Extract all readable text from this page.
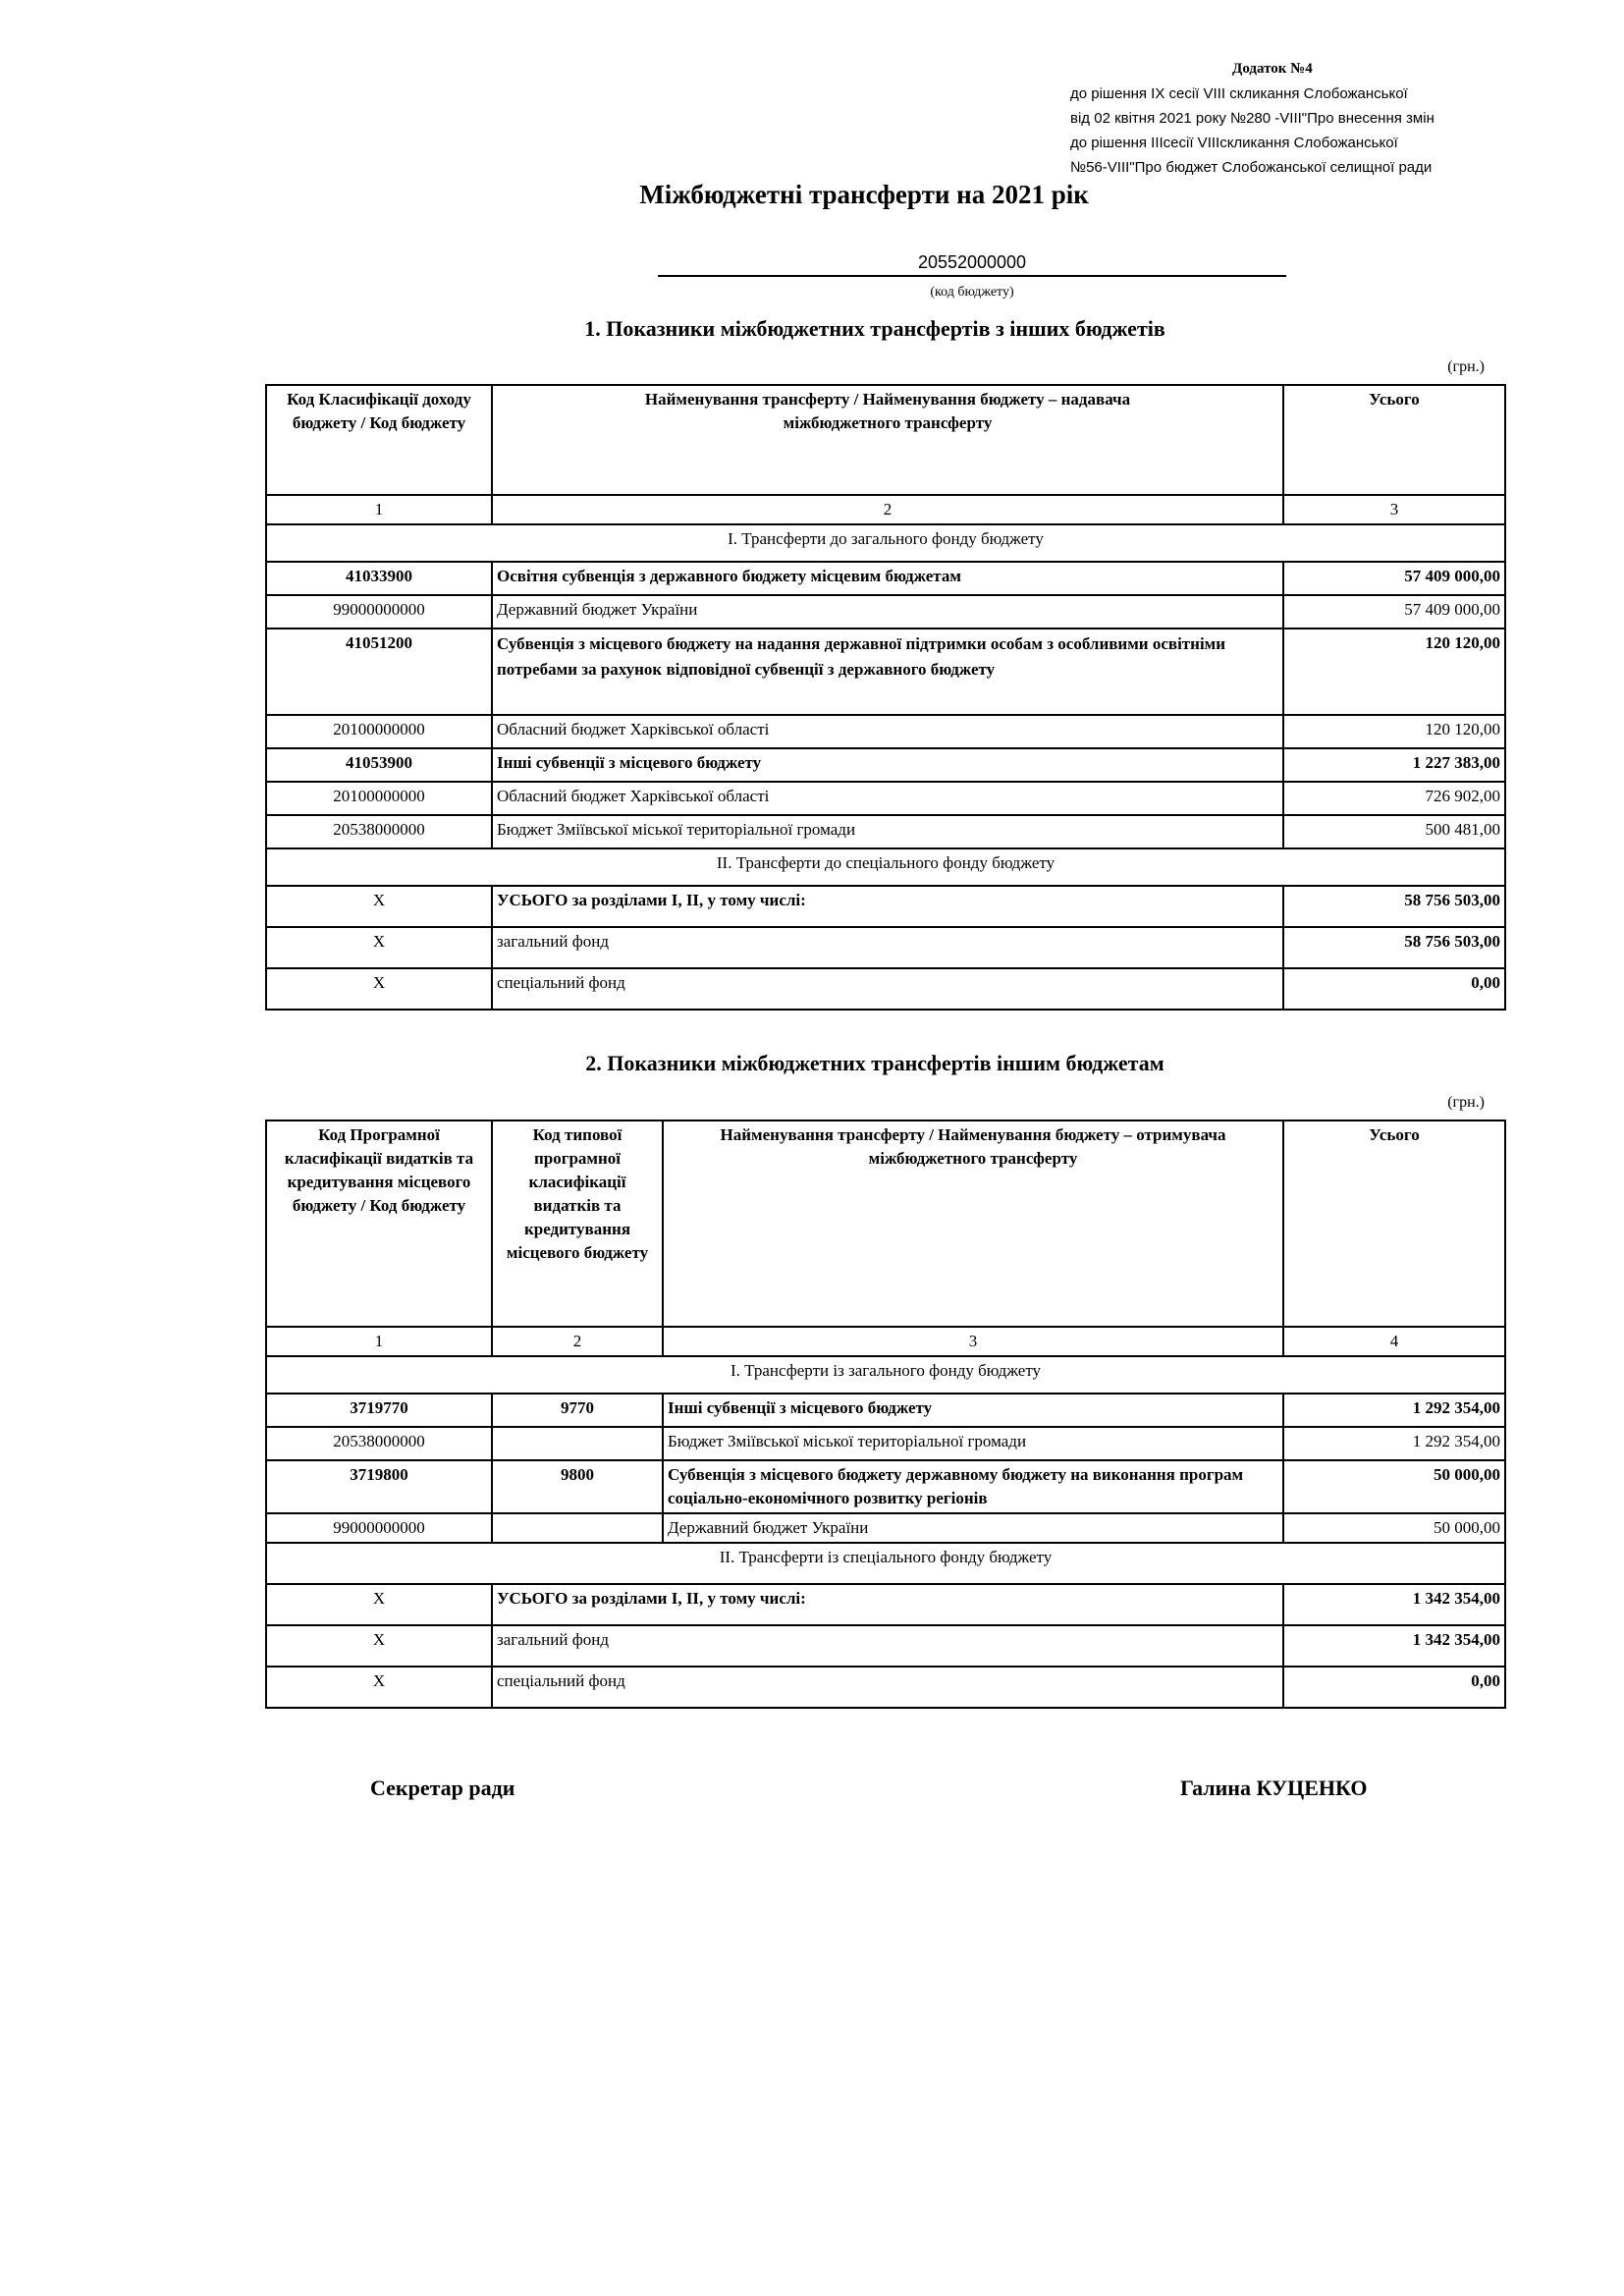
Додаток №4
до рішення IX сесії VIII скликання Слобожанської
від 02 квітня 2021 року №280 -VIII"Про внесення змін
до рішення IIIсесії VIIIскликання Слобожанської
№56-VIII"Про бюджет Слобожанської селищної ради
Міжбюджетні трансферти на 2021 рік
20552000000
(код бюджету)
1. Показники міжбюджетних трансфертів з інших бюджетів
(грн.)
Код Класифікації доходу бюджету / Код бюджету	Найменування трансферту / Найменування бюджету – надавача міжбюджетного трансферту	Усього
1	2	3
І. Трансферти до загального фонду бюджету		
41033900	Освітня субвенція з державного бюджету місцевим бюджетам	57 409 000,00
99000000000	Державний бюджет України	57 409 000,00
41051200	Субвенція з місцевого бюджету на надання державної підтримки особам з особливими освітніми потребами за рахунок відповідної субвенції з державного бюджету	120 120,00
20100000000	Обласний бюджет Харківської області	120 120,00
41053900	Інші субвенції з місцевого бюджету	1 227 383,00
20100000000	Обласний бюджет Харківської області	726 902,00
20538000000	Бюджет Зміївської міської територіальної громади	500 481,00
ІІ. Трансферти до спеціального фонду бюджету		
Х	УСЬОГО за розділами І, ІІ, у тому числі:	58 756 503,00
Х	загальний фонд	58 756 503,00
Х	спеціальний фонд	0,00
2. Показники міжбюджетних трансфертів іншим бюджетам
(грн.)
Код Програмної класифікації видатків та кредитування місцевого бюджету / Код бюджету	Код типової програмної класифікації видатків та кредитування місцевого бюджету	Найменування трансферту / Найменування бюджету – отримувача міжбюджетного трансферту	Усього
1	2	3	4
І. Трансферти із загального фонду бюджету			
3719770	9770	Інші субвенції з місцевого бюджету	1 292 354,00
20538000000		Бюджет Зміївської міської територіальної громади	1 292 354,00
3719800	9800	Субвенція з місцевого бюджету державному бюджету на виконання програм соціально-економічного розвитку регіонів	50 000,00
99000000000		Державний бюджет України	50 000,00
ІІ. Трансферти із спеціального фонду бюджету			
Х	УСЬОГО за розділами І, ІІ, у тому числі:		1 342 354,00
Х	загальний фонд		1 342 354,00
Х	спеціальний фонд		0,00
Секретар ради	Галина КУЦЕНКО
